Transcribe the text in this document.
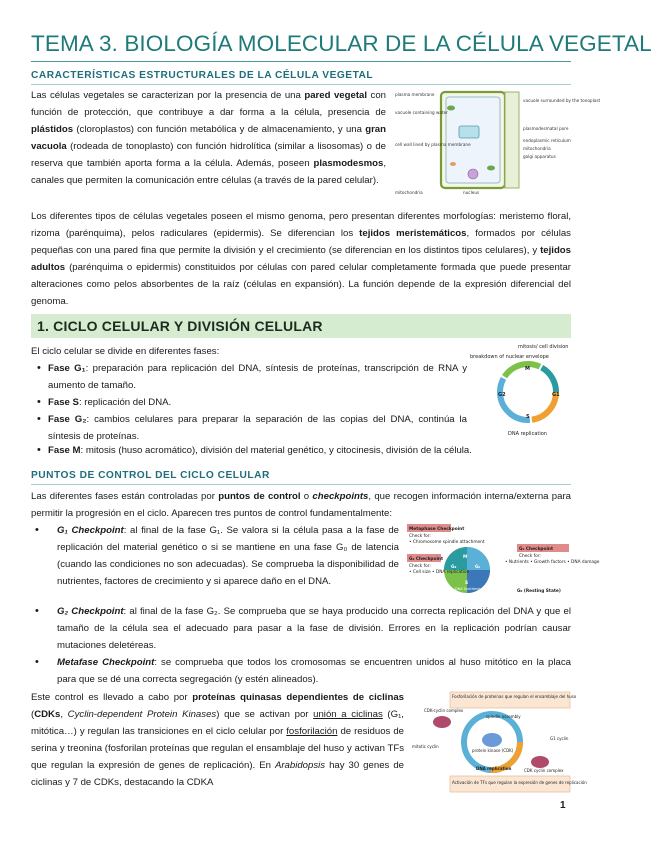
TEMA 3. BIOLOGÍA MOLECULAR DE LA CÉLULA VEGETAL
CARACTERÍSTICAS ESTRUCTURALES DE LA CÉLULA VEGETAL

Las células vegetales se caracterizan por la presencia de una pared vegetal con función de protección, que contribuye a dar forma a la célula, presencia de plástidos (cloroplastos) con función metabólica y de almacenamiento, y una gran vacuola (rodeada de tonoplasto) con función hidrolítica (similar a lisosomas) o de reserva que también aporta forma a la célula. Además, poseen plasmodesmos, canales que permiten la comunicación entre células (a través de la pared celular).

plasma membrane
vacuole containing water
cell wall lined by plasma membrane
vacuole surrounded by the tonoplast
plasmodesmatal pore
endoplasmic reticulum
mitochondria
golgi apparatus
mitochondria	nucleus

Los diferentes tipos de células vegetales poseen el mismo genoma, pero presentan diferentes morfologías: meristemo floral, rizoma (parénquima), pelos radiculares (epidermis). Se diferencian los tejidos meristemáticos, formados por células pequeñas con una pared fina que permite la división y el crecimiento (se diferencian en los distintos tipos celulares), y tejidos adultos (parénquima o epidermis) constituidos por células con pared celular completamente formada que puede presentar alteraciones como pelos absorbentes de la raíz (células en expansión). La función depende de la expresión diferencial del genoma.

1. CICLO CELULAR Y DIVISIÓN CELULAR

El ciclo celular se divide en diferentes fases:

• Fase G₁: preparación para replicación del DNA, síntesis de proteínas, transcripción de RNA y aumento de tamaño.
• Fase S: replicación del DNA.
• Fase G₂: cambios celulares para preparar la separación de las copias del DNA, continúa la síntesis de proteínas.
• Fase M: mitosis (huso acromático), división del material genético, y citocinesis, división de la célula.
mitosis/ cell division
breakdown of nuclear envelope
DNA replication
M
G1
G2
S
PUNTOS DE CONTROL DEL CICLO CELULAR

Las diferentes fases están controladas por puntos de control o checkpoints, que recogen información interna/externa para permitir la progresión en el ciclo. Aparecen tres puntos de control fundamentalmente:

• G₁ Checkpoint: al final de la fase G₁. Se valora si la célula pasa a la fase de replicación del material genético o si se mantiene en una fase G₀ de latencia (cuando las condiciones no son adecuadas). Se comprueba la disponibilidad de nutrientes, factores de crecimiento y si aparece daño en el DNA.
• G₂ Checkpoint: al final de la fase G₂. Se comprueba que se haya producido una correcta replicación del DNA y que el tamaño de la célula sea el adecuado para pasar a la fase de división. Errores en la replicación podrían causar mutaciones deletéreas.
• Metafase Checkpoint: se comprueba que todos los cromosomas se encuentren unidos al huso mitótico en la placa para que se dé una correcta segregación (y estén alineados).
Metaphase Checkpoint
Check for:
• Chromosome spindle attachment
G₂ Checkpoint
Check for:
• Cell size • DNA replication
G₁ Checkpoint
Check for:
• Nutrients • Growth factors • DNA damage
G₀ (Resting State)
G₂	G₁
S
M
DNA Synthesis

Este control es llevado a cabo por proteínas quinasas dependientes de ciclinas (CDKs, Cyclin-dependent Protein Kinases) que se activan por unión a ciclinas (G₁, mitótica…) y regulan las transiciones en el ciclo celular por fosforilación de residuos de serina y treonina (fosforilan proteínas que regulan el ensamblaje del huso y activan TFs que regulan la expresión de genes de replicación). En Arabidopsis hay 30 genes de ciclinas y 7 de CDKs, destacando la CDKA

Fosforilación de proteínas que regulan el ensamblaje del huso
spindle assembly
mitotic cyclin
CDK-cyclin complex
protein kinase (CDK)
G1 cyclin
DNA replication	CDK cyclin complex
Activación de TFs que regulan la expresión de genes de replicación
1
